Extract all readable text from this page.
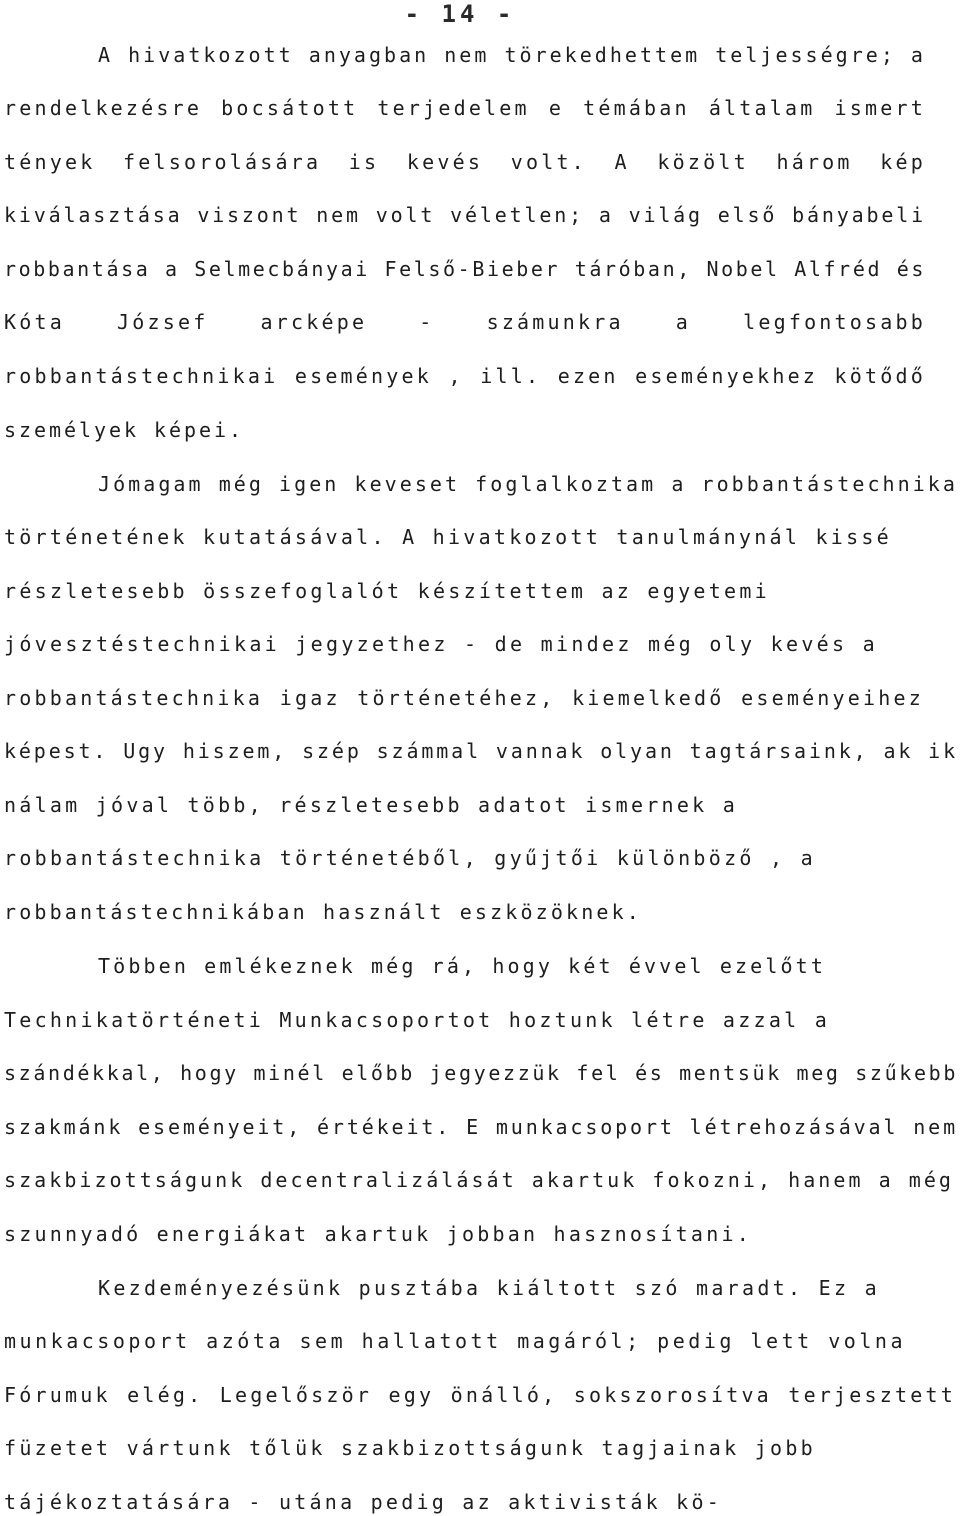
- 14 -
A hivatkozott anyagban nem törekedhettem teljességre; a
rendelkezésre bocsátott terjedelem e témában általam ismert
tények felsorolására is kevés volt. A közölt három kép
kiválasztása viszont nem volt véletlen; a világ első bányabeli
robbantása a Selmecbányai Felső-Bieber táróban, Nobel Alfréd és
Kóta József arcképe - számunkra a legfontosabb
robbantástechnikai események , ill. ezen eseményekhez kötődő
személyek képei.
Jómagam még igen keveset foglalkoztam a robbantástechnika
történetének kutatásával. A hivatkozott tanulmánynál kissé
részletesebb összefoglalót készítettem az egyetemi
jóvesztéstechnikai jegyzethez - de mindez még oly kevés a
robbantástechnika igaz történetéhez, kiemelkedő eseményeihez
képest. Ugy hiszem, szép számmal vannak olyan tagtársaink, ak ik
nálam jóval több, részletesebb adatot ismernek a
robbantástechnika történetéből, gyűjtői különböző , a
robbantástechnikában használt eszközöknek.
Többen emlékeznek még rá, hogy két évvel ezelőtt
Technikatörténeti Munkacsoportot hoztunk létre azzal a
szándékkal, hogy minél előbb jegyezzük fel és mentsük meg szűkebb
szakmánk eseményeit, értékeit. E munkacsoport létrehozásával nem
szakbizottságunk decentralizálását akartuk fokozni, hanem a még
szunnyadó energiákat akartuk jobban hasznosítani.
Kezdeményezésünk pusztába kiáltott szó maradt. Ez a
munkacsoport azóta sem hallatott magáról; pedig lett volna
Fórumuk elég. Legelőször egy önálló, sokszorosítva terjesztett
füzetet vártunk tőlük szakbizottságunk tagjainak jobb
tájékoztatására - utána pedig az aktivisták kö-
